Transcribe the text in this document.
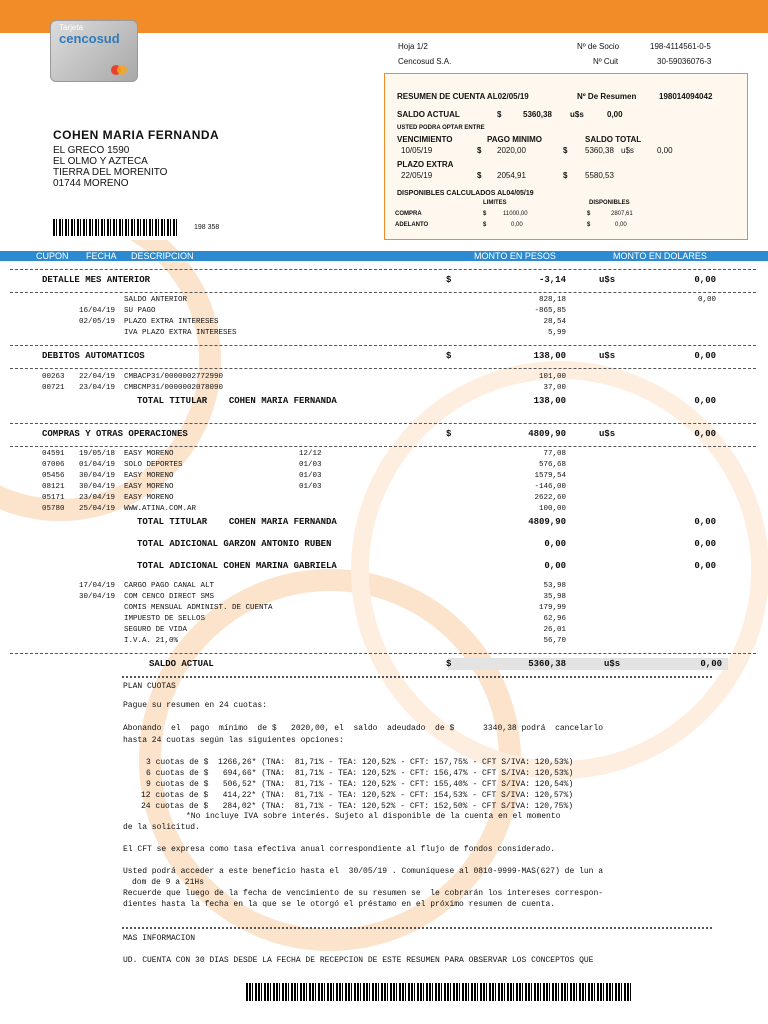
Tarjeta
cencosud
Hoja 1/2
Cencosud S.A.
Nº de Socio	198-4114561-0-5
Nº Cuit	30-59036076-3
RESUMEN DE CUENTA AL02/05/19	Nº De Resumen	198014094042
SALDO ACTUAL	$	5360,38 u$s	0,00
USTED PODRA OPTAR ENTRE
VENCIMIENTO	PAGO MINIMO	SALDO TOTAL
10/05/19	$ 2020,00	$ 5360,38 u$s	0,00
PLAZO EXTRA
22/05/19	$ 2054,91	$ 5580,53
DISPONIBLES CALCULADOS AL04/05/19
LIMITES	DISPONIBLES
COMPRA	$	11000,00	$	2807,61
ADELANTO	$	0,00	$	0,00
COHEN MARIA FERNANDA
EL GRECO 1590
EL OLMO Y AZTECA
TIERRA DEL MORENITO
01744 MORENO
198 358
CUPON FECHA DESCRIPCION	MONTO EN PESOS	MONTO EN DOLARES
DETALLE MES ANTERIOR	$	-3,14	u$s	0,00
SALDO ANTERIOR	828,18	0,00
16/04/19 SU PAGO	-865,85
02/05/19 PLAZO EXTRA INTERESES	28,54
IVA PLAZO EXTRA INTERESES	5,99
DEBITOS AUTOMATICOS	$	138,00	u$s	0,00
00263 22/04/19 CMBACP31/0000002772990	101,00
00721 23/04/19 CMBCMP31/0000002078090	37,00
TOTAL TITULAR    COHEN MARIA FERNANDA	138,00	0,00
COMPRAS Y OTRAS OPERACIONES	$	4809,90	u$s	0,00
04591 19/05/18 EASY MORENO	12/12	77,08
07006 01/04/19 SOLO DEPORTES	01/03	576,68
05456 30/04/19 EASY MORENO	01/03	1579,54
08121 30/04/19 EASY MORENO	01/03	-146,00
05171 23/04/19 EASY MORENO	2622,60
05780 25/04/19 WWW.ATINA.COM.AR	100,00
TOTAL TITULAR    COHEN MARIA FERNANDA	4809,90	0,00
TOTAL ADICIONAL GARZON ANTONIO RUBEN	0,00	0,00
TOTAL ADICIONAL COHEN MARINA GABRIELA	0,00	0,00
17/04/19 CARGO PAGO CANAL ALT	53,98
30/04/19 COM CENCO DIRECT SMS	35,98
COMIS MENSUAL ADMINIST. DE CUENTA	179,99
IMPUESTO DE SELLOS	62,96
SEGURO DE VIDA	26,01
I.V.A. 21,0%	56,70
SALDO ACTUAL	$	5360,38	u$s	0,00
PLAN CUOTAS
Pague su resumen en 24 cuotas:
Abonando  el  pago  mínimo  de $   2020,00, el  saldo  adeudado  de $      3340,38 podrá  cancelarlo
hasta 24 cuotas según las siguientes opciones:
3 cuotas de $  1266,26* (TNA:  81,71% - TEA: 120,52% - CFT: 157,75% - CFT S/IVA: 120,53%)
6 cuotas de $   694,66* (TNA:  81,71% - TEA: 120,52% - CFT: 156,47% - CFT S/IVA: 120,53%)
9 cuotas de $   506,52* (TNA:  81,71% - TEA: 120,52% - CFT: 155,40% - CFT S/IVA: 120,54%)
12 cuotas de $   414,22* (TNA:  81,71% - TEA: 120,52% - CFT: 154,53% - CFT S/IVA: 120,57%)
24 cuotas de $   284,02* (TNA:  81,71% - TEA: 120,52% - CFT: 152,50% - CFT S/IVA: 120,75%)
*No incluye IVA sobre interés. Sujeto al disponible de la cuenta en el momento
de la solicitud.
El CFT se expresa como tasa efectiva anual correspondiente al flujo de fondos considerado.
Usted podrá acceder a este beneficio hasta el  30/05/19 . Comuníquese al 0810-9999-MAS(627) de lun a
dom de 9 a 21Hs
Recuerde que luego de la fecha de vencimiento de su resumen se  le cobrarán los intereses correspon-
dientes hasta la fecha en la que se le otorgó el préstamo en el próximo resumen de cuenta.
MAS INFORMACION
UD. CUENTA CON 30 DIAS DESDE LA FECHA DE RECEPCION DE ESTE RESUMEN PARA OBSERVAR LOS CONCEPTOS QUE
